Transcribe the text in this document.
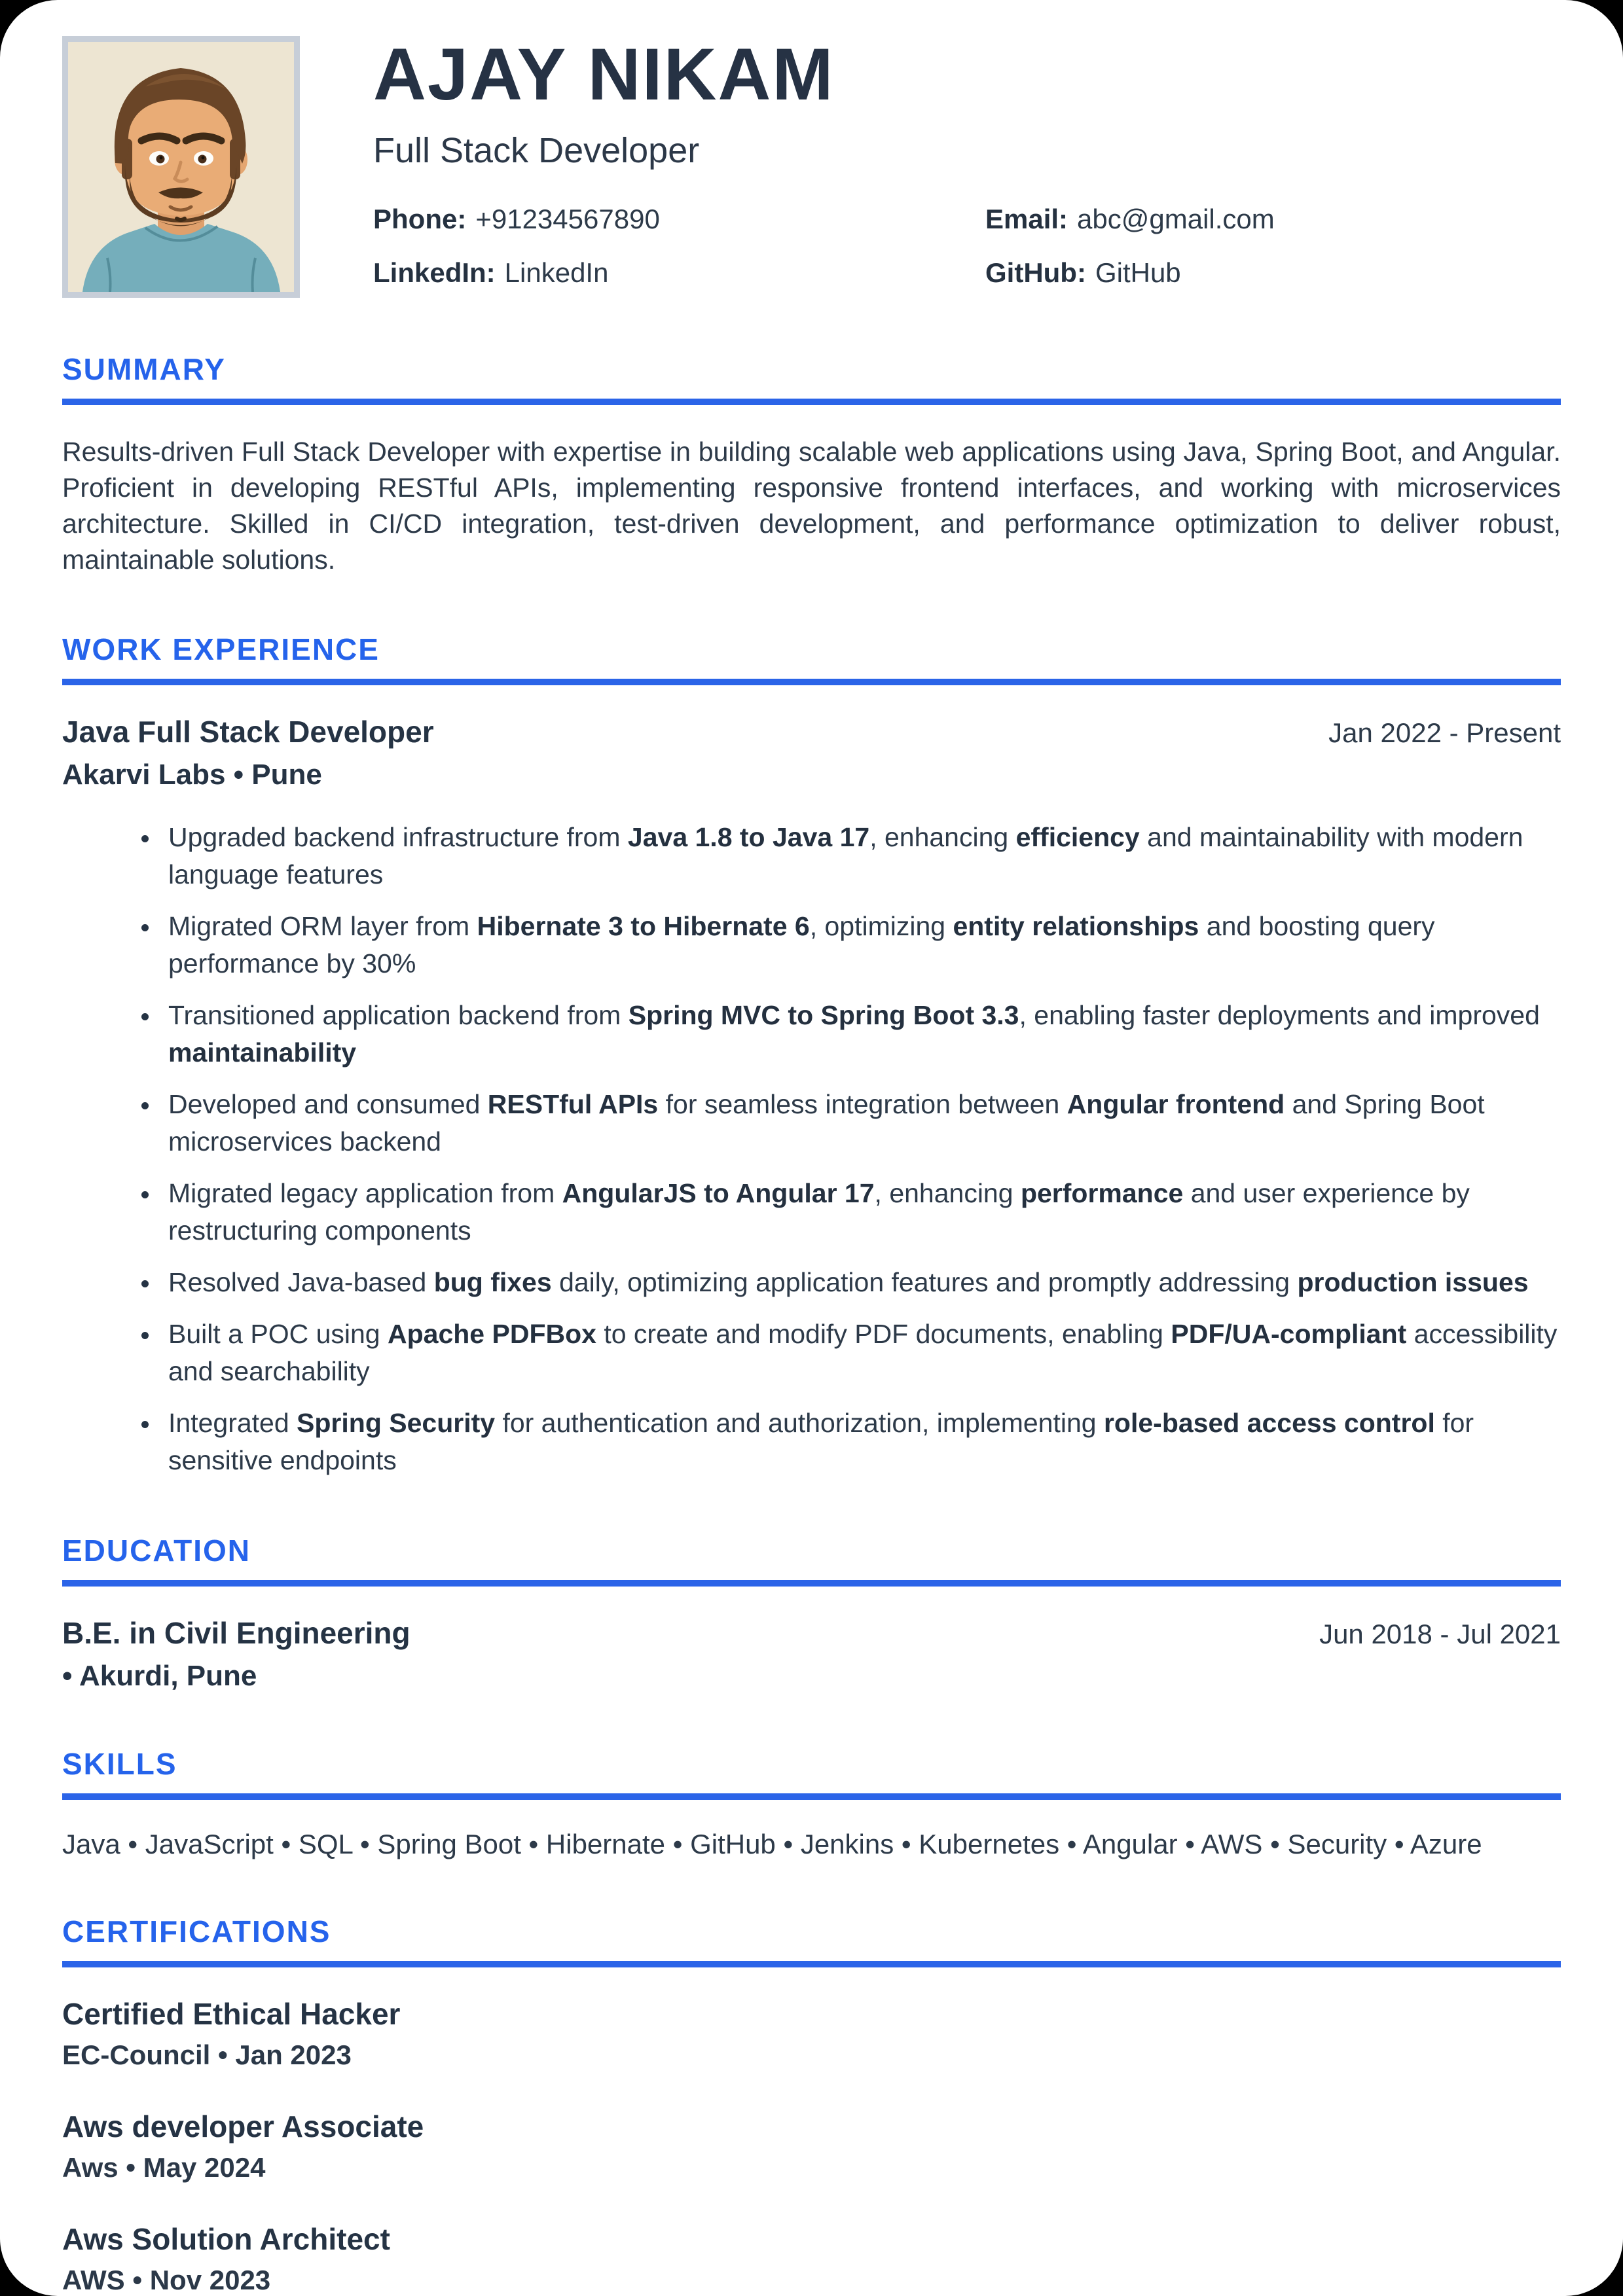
AJAY NIKAM
Full Stack Developer
Phone: +91234567890	Email: abc@gmail.com
LinkedIn: LinkedIn	GitHub: GitHub
SUMMARY

Results-driven Full Stack Developer with expertise in building scalable web applications using Java, Spring Boot, and Angular. Proficient in developing RESTful APIs, implementing responsive frontend interfaces, and working with microservices architecture. Skilled in CI/CD integration, test-driven development, and performance optimization to deliver robust, maintainable solutions.

WORK EXPERIENCE
Java Full Stack Developer	Jan 2022 - Present
Akarvi Labs • Pune
• Upgraded backend infrastructure from Java 1.8 to Java 17, enhancing efficiency and maintainability with modern language features
• Migrated ORM layer from Hibernate 3 to Hibernate 6, optimizing entity relationships and boosting query performance by 30%
• Transitioned application backend from Spring MVC to Spring Boot 3.3, enabling faster deployments and improved maintainability
• Developed and consumed RESTful APIs for seamless integration between Angular frontend and Spring Boot microservices backend
• Migrated legacy application from AngularJS to Angular 17, enhancing performance and user experience by restructuring components
• Resolved Java-based bug fixes daily, optimizing application features and promptly addressing production issues
• Built a POC using Apache PDFBox to create and modify PDF documents, enabling PDF/UA-compliant accessibility and searchability
• Integrated Spring Security for authentication and authorization, implementing role-based access control for sensitive endpoints
EDUCATION
B.E. in Civil Engineering	Jun 2018 - Jul 2021
• Akurdi, Pune
SKILLS

Java • JavaScript • SQL • Spring Boot • Hibernate • GitHub • Jenkins • Kubernetes • Angular • AWS • Security • Azure

CERTIFICATIONS
Certified Ethical Hacker
EC-Council • Jan 2023
Aws developer Associate
Aws • May 2024
Aws Solution Architect
AWS • Nov 2023
